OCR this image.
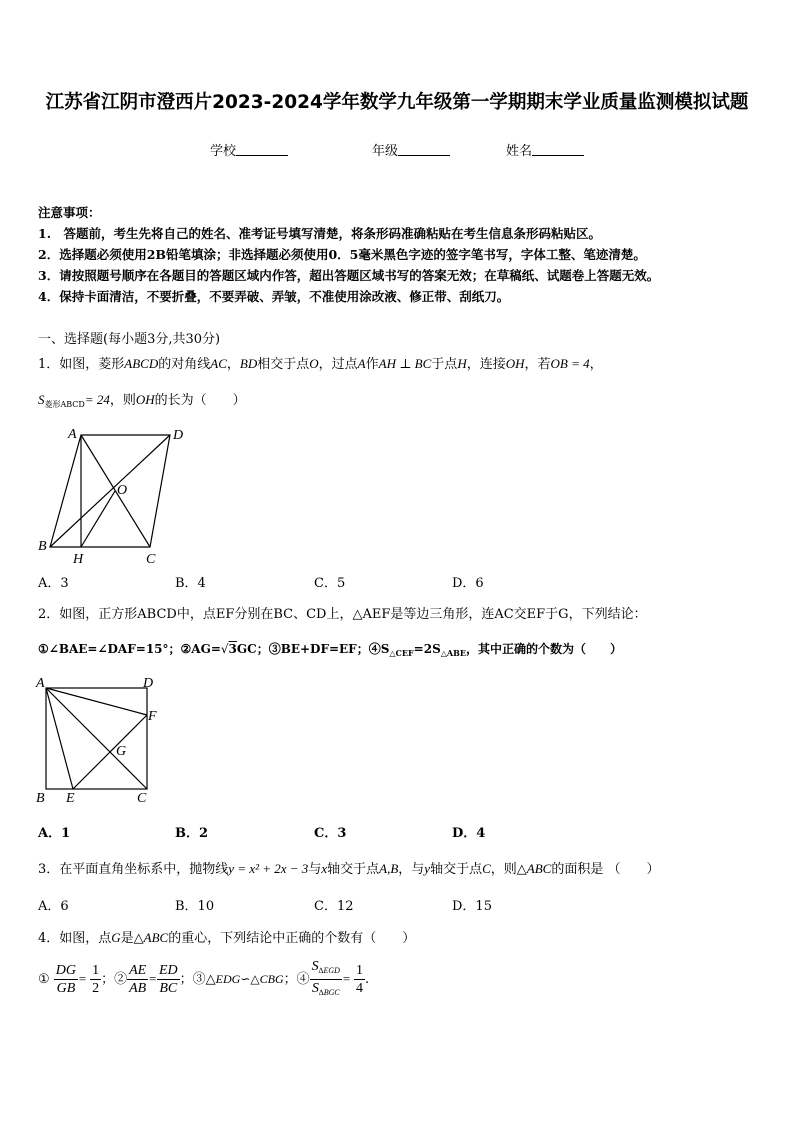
江苏省江阴市澄西片2023-2024学年数学九年级第一学期期末学业质量监测模拟试题
学校	年级	姓名
注意事项：
1.　答题前，考生先将自己的姓名、准考证号填写清楚，将条形码准确粘贴在考生信息条形码粘贴区。
2．选择题必须使用2B铅笔填涂；非选择题必须使用0．5毫米黑色字迹的签字笔书写，字体工整、笔迹清楚。
3．请按照题号顺序在各题目的答题区域内作答，超出答题区域书写的答案无效；在草稿纸、试题卷上答题无效。
4．保持卡面清洁，不要折叠，不要弄破、弄皱，不准使用涂改液、修正带、刮纸刀。
一、选择题(每小题3分,共30分)
1．如图，菱形ABCD的对角线AC，BD相交于点O，过点A作AH ⊥ BC于点H，连接OH，若OB = 4，
$S_{菱形ABCD}= 24$，则OH的长为（　　）
A	D
O
B
H	C
A．3	B．4	C．5	D．6
2．如图，正方形ABCD中，点EF分别在BC、CD上，△AEF是等边三角形，连AC交EF于G，下列结论：
①∠BAE=∠DAF=15°；②AG=√3GC；③BE+DF=EF；$④S_{\triangle CEF}=2S_{\triangle ABE}$，其中正确的个数为（　　）
A	D
F
G
B E	C
A．1	B．2	C．3	D．4
3．在平面直角坐标系中，抛物线y = x² + 2x − 3与x轴交于点A,B，与y轴交于点C，则△ABC的面积是 （　　）
A．6	B．10	C．12	D．15
4．如图，点G是△ABC的重心，下列结论中正确的个数有（　　）
① $\frac{DG}{GB} = \frac{1}{2}$ ；② $\frac{AE}{AB} = \frac{ED}{BC}$ ；③△EDG∽△CBG；④ $\frac{S_{\Delta EGD}}{S_{\Delta BGC}} = \frac{1}{4}$ .
